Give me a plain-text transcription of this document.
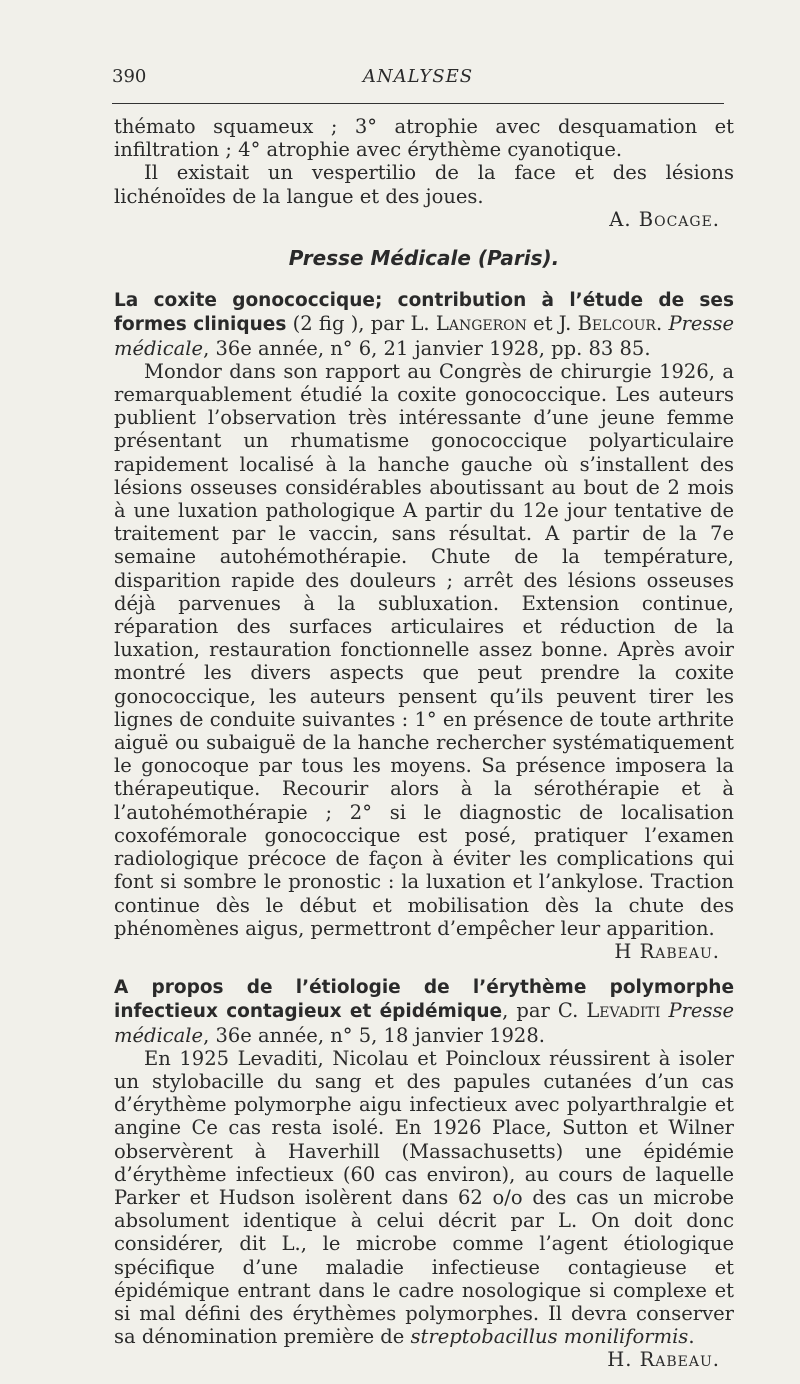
390	ANALYSES

thémato squameux ; 3° atrophie avec desquamation et infiltration ; 4° atrophie avec érythème cyanotique.

Il existait un vespertilio de la face et des lésions lichénoïdes de la langue et des joues.

A. Bocage.

Presse Médicale (Paris).

La coxite gonococcique; contribution à l’étude de ses formes cliniques (2 fig ), par L. Langeron et J. Belcour. Presse médicale, 36e année, n° 6, 21 janvier 1928, pp. 83 85.

Mondor dans son rapport au Congrès de chirurgie 1926, a remarquablement étudié la coxite gonococcique. Les auteurs publient l’observation très intéressante d’une jeune femme présentant un rhumatisme gonococcique polyarticulaire rapidement localisé à la hanche gauche où s’installent des lésions osseuses considérables aboutissant au bout de 2 mois à une luxation pathologique A partir du 12e jour tentative de traitement par le vaccin, sans résultat. A partir de la 7e semaine autohémothérapie. Chute de la température, disparition rapide des douleurs ; arrêt des lésions osseuses déjà parvenues à la subluxation. Extension continue, réparation des surfaces articulaires et réduction de la luxation, restauration fonctionnelle assez bonne. Après avoir montré les divers aspects que peut prendre la coxite gonococcique, les auteurs pensent qu’ils peuvent tirer les lignes de conduite suivantes : 1° en présence de toute arthrite aiguë ou subaiguë de la hanche rechercher systématiquement le gonocoque par tous les moyens. Sa présence imposera la thérapeutique. Recourir alors à la sérothérapie et à l’autohémothérapie ; 2° si le diagnostic de localisation coxofémorale gonococcique est posé, pratiquer l’examen radiologique précoce de façon à éviter les complications qui font si sombre le pronostic : la luxation et l’ankylose. Traction continue dès le début et mobilisation dès la chute des phénomènes aigus, permettront d’empêcher leur apparition.

H Rabeau.

A propos de l’étiologie de l’érythème polymorphe infectieux contagieux et épidémique, par C. Levaditi Presse médicale, 36e année, n° 5, 18 janvier 1928.

En 1925 Levaditi, Nicolau et Poincloux réussirent à isoler un stylobacille du sang et des papules cutanées d’un cas d’érythème polymorphe aigu infectieux avec polyarthralgie et angine Ce cas resta isolé. En 1926 Place, Sutton et Wilner observèrent à Haverhill (Massachusetts) une épidémie d’érythème infectieux (60 cas environ), au cours de laquelle Parker et Hudson isolèrent dans 62 o/o des cas un microbe absolument identique à celui décrit par L. On doit donc considérer, dit L., le microbe comme l’agent étiologique spécifique d’une maladie infectieuse contagieuse et épidémique entrant dans le cadre nosologique si complexe et si mal défini des érythèmes polymorphes. Il devra conserver sa dénomination première de streptobacillus moniliformis.

H. Rabeau.
